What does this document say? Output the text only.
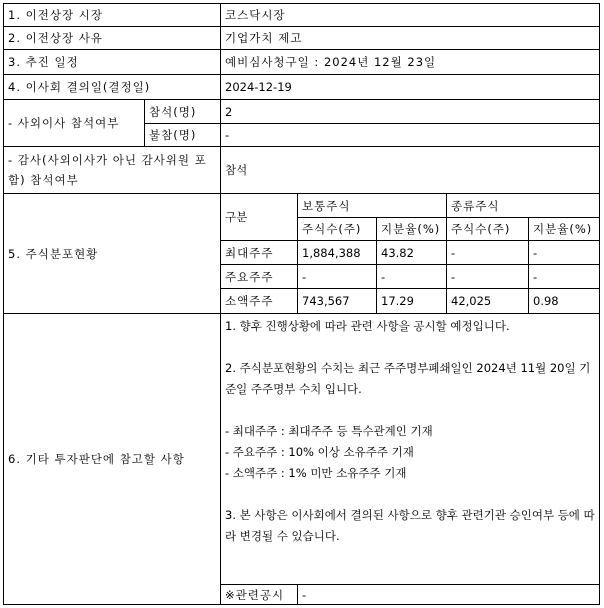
1. 이전상장 시장	코스닥시장
2. 이전상장 사유	기업가치 제고
3. 추진 일정	예비심사청구일 : 2024년 12월 23일
4. 이사회 결의일(결정일)	2024-12-19
- 사외이사 참석여부
참석(명)	2
불참(명)	-
- 감사(사외이사가 아닌 감사위원 포함) 참석여부
참석
5. 주식분포현황
구분
보통주식	종류주식
주식수(주)	지분율(%) 주식수(주)	지분율(%)
최대주주	1,884,388	43.82	-	-
주요주주	-	-	-	-
소액주주	743,567	17.29	42,025	0.98
6. 기타 투자판단에 참고할 사항

1. 향후 진행상황에 따라 관련 사항을 공시할 예정입니다.

2. 주식분포현황의 수치는 최근 주주명부폐쇄일인 2024년 11월 20일 기준일 주주명부 수치 입니다.

- 최대주주 : 최대주주 등 특수관계인 기재

- 주요주주 : 10% 이상 소유주주 기재

- 소액주주 : 1% 미만 소유주주 기재

3. 본 사항은 이사회에서 결의된 사항으로 향후 관련기관 승인여부 등에 따라 변경될 수 있습니다.

※관련공시	-
